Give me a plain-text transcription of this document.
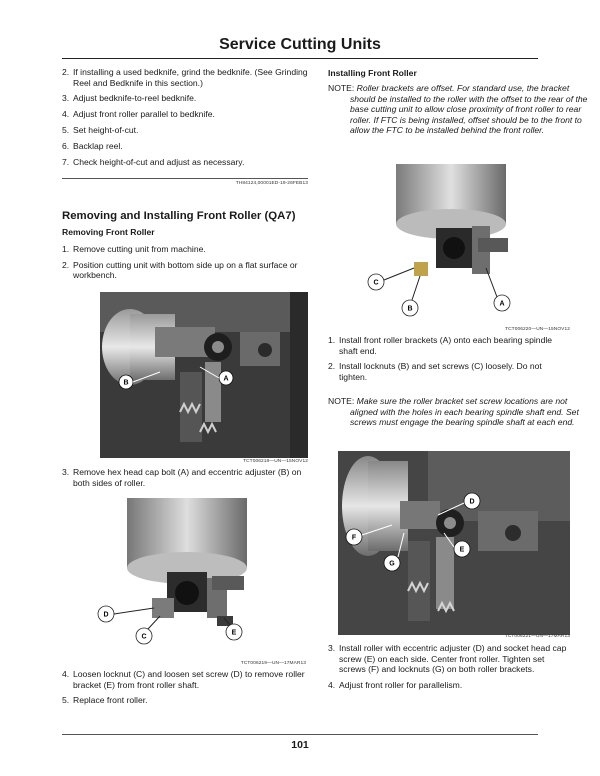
Service Cutting Units
2. If installing a used bedknife, grind the bedknife. (See Grinding Reel and Bedknife in this section.)
3. Adjust bedknife-to-reel bedknife.
4. Adjust front roller parallel to bedknife.
5. Set height-of-cut.
6. Backlap reel.
7. Check height-of-cut and adjust as necessary.
TH84124,00001ED-19-26FEB13
Removing and Installing Front Roller (QA7)
Removing Front Roller
1. Remove cutting unit from machine.
2. Position cutting unit with bottom side up on a flat surface or workbench.
B
A
TCT006218—UN—15NOV12
3. Remove hex head cap bolt (A) and eccentric adjuster (B) on both sides of roller.
D
C
E
TCT006219—UN—17MAR13
4. Loosen locknut (C) and loosen set screw (D) to remove roller bracket (E) from front roller shaft.
5. Replace front roller.
Installing Front Roller
NOTE: Roller brackets are offset. For standard use, the bracket should be installed to the roller with the offset to the rear of the base cutting unit to allow close proximity of front roller to rear roller. If FTC is being installed, offset should be to the front to allow the FTC to be installed behind the front roller.
C
B
A
TCT006220—UN—15NOV12
1. Install front roller brackets (A) onto each bearing spindle shaft end.
2. Install locknuts (B) and set screws (C) loosely. Do not tighten.
NOTE: Make sure the roller bracket set screw locations are not aligned with the holes in each bearing spindle shaft end. Set screws must engage the bearing spindle shaft at each end.
D
F
E
G
TCT006221—UN—17MAR13
3. Install roller with eccentric adjuster (D) and socket head cap screw (E) on each side. Center front roller. Tighten set screws (F) and locknuts (G) on both roller brackets.
4. Adjust front roller for parallelism.
101
